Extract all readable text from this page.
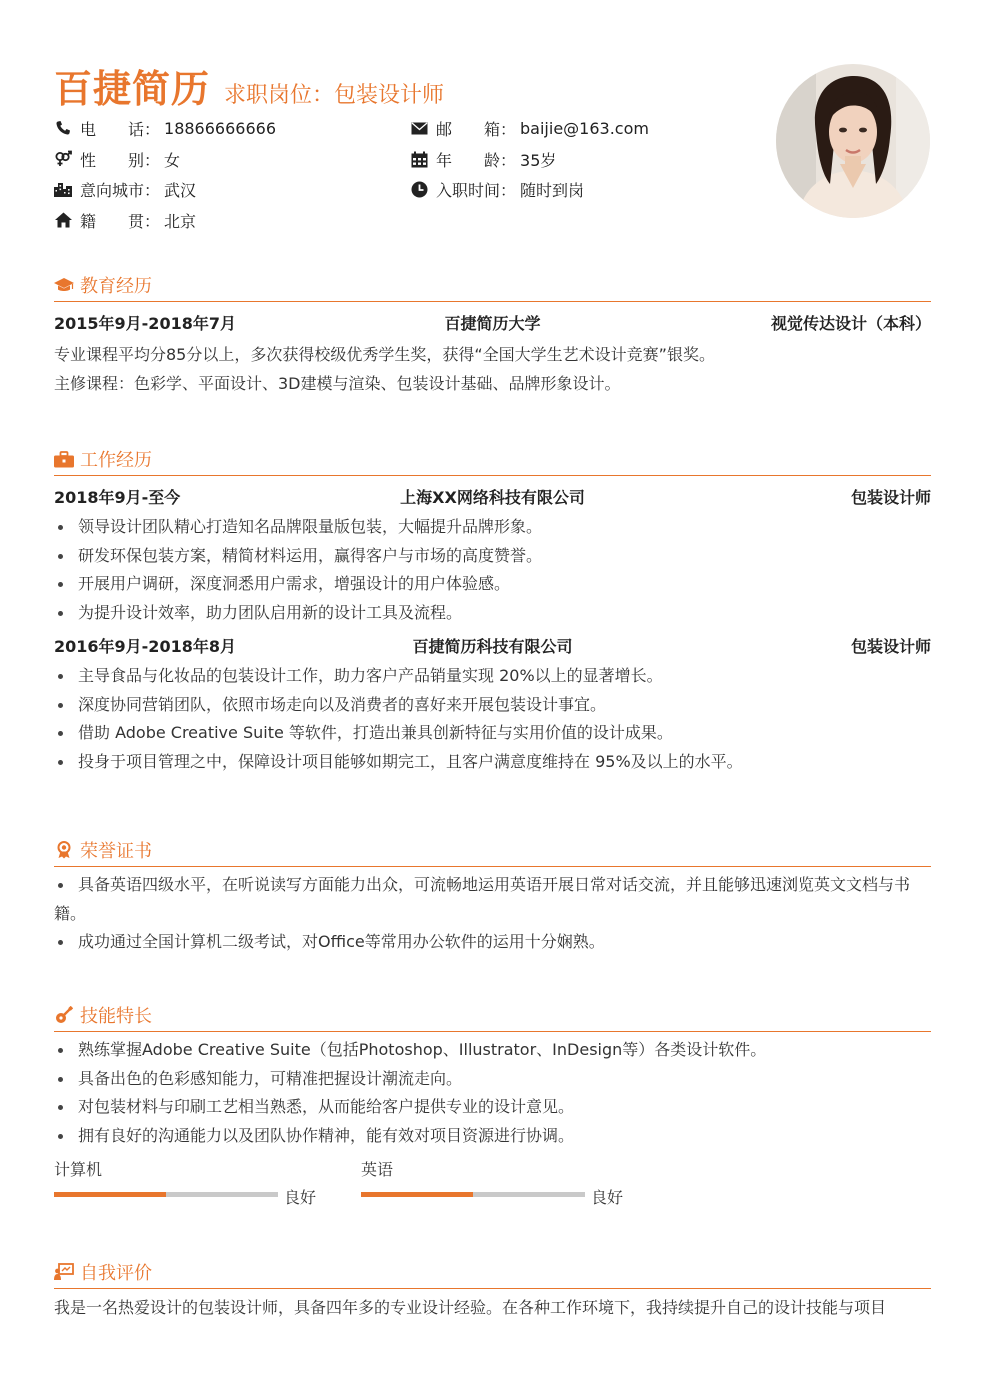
百捷简历 求职岗位：包装设计师
电　　话： 18866666666	邮　　箱： baijie@163.com
性　　别： 女	年　　龄： 35岁
意向城市： 武汉	入职时间： 随时到岗
籍　　贯： 北京
教育经历
2015年9月-2018年7月	百捷简历大学	视觉传达设计（本科）
专业课程平均分85分以上，多次获得校级优秀学生奖，获得“全国大学生艺术设计竞赛”银奖。
主修课程：色彩学、平面设计、3D建模与渲染、包装设计基础、品牌形象设计。
工作经历
2018年9月-至今	上海XX网络科技有限公司	包装设计师
领导设计团队精心打造知名品牌限量版包装，大幅提升品牌形象。
研发环保包装方案，精简材料运用，赢得客户与市场的高度赞誉。
开展用户调研，深度洞悉用户需求，增强设计的用户体验感。
为提升设计效率，助力团队启用新的设计工具及流程。
2016年9月-2018年8月	百捷简历科技有限公司	包装设计师
主导食品与化妆品的包装设计工作，助力客户产品销量实现 20%以上的显著增长。
深度协同营销团队，依照市场走向以及消费者的喜好来开展包装设计事宜。
借助 Adobe Creative Suite 等软件，打造出兼具创新特征与实用价值的设计成果。
投身于项目管理之中，保障设计项目能够如期完工，且客户满意度维持在 95%及以上的水平。
荣誉证书
具备英语四级水平，在听说读写方面能力出众，可流畅地运用英语开展日常对话交流，并且能够迅速浏览英文文档与书籍。
成功通过全国计算机二级考试，对Office等常用办公软件的运用十分娴熟。
技能特长
熟练掌握Adobe Creative Suite（包括Photoshop、Illustrator、InDesign等）各类设计软件。
具备出色的色彩感知能力，可精准把握设计潮流走向。
对包装材料与印刷工艺相当熟悉，从而能给客户提供专业的设计意见。
拥有良好的沟通能力以及团队协作精神，能有效对项目资源进行协调。
计算机
良好
英语
良好
自我评价
我是一名热爱设计的包装设计师，具备四年多的专业设计经验。在各种工作环境下，我持续提升自己的设计技能与项目
